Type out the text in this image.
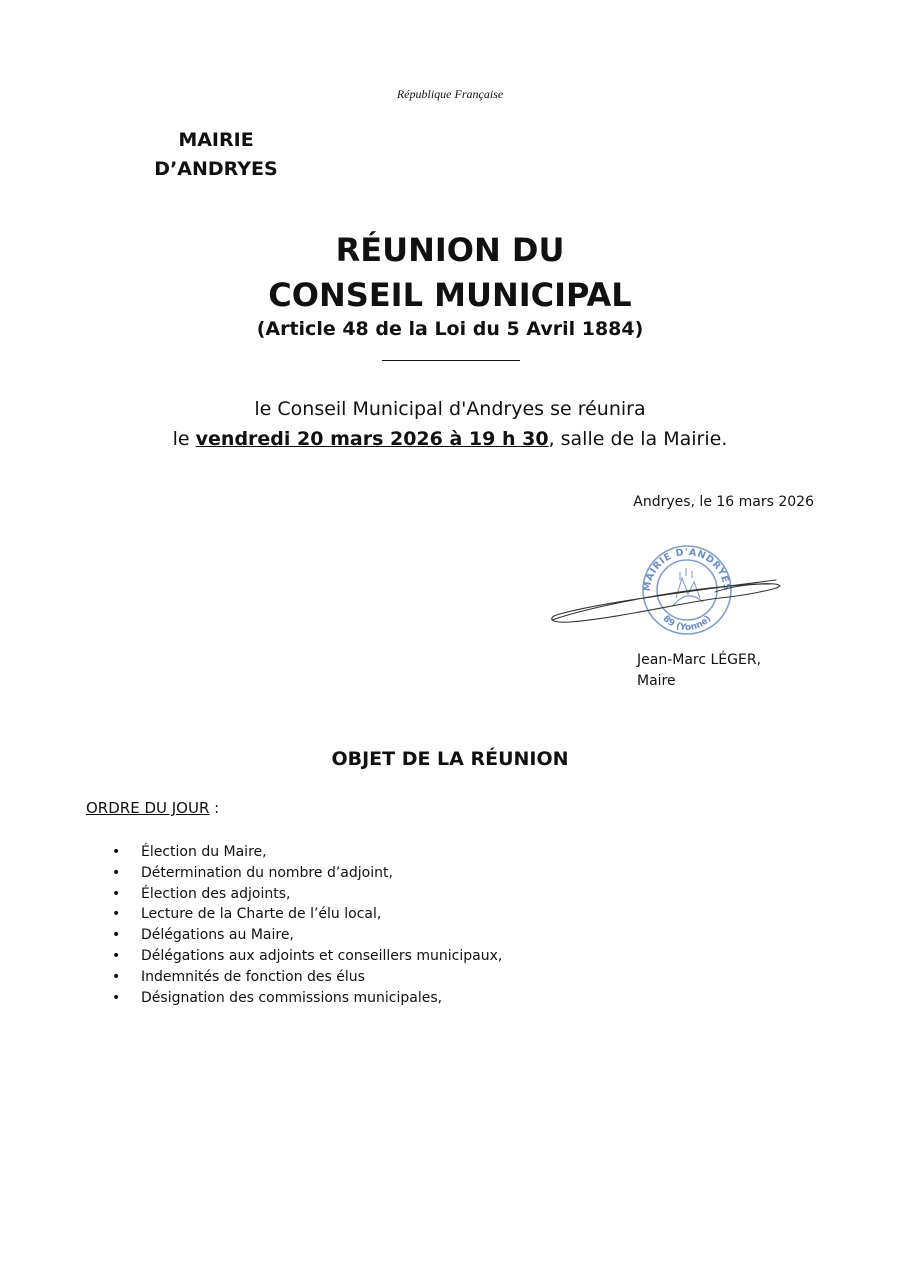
République Française
MAIRIE
D’ANDRYES
RÉUNION DU
CONSEIL MUNICIPAL
(Article 48 de la Loi du 5 Avril 1884)
le Conseil Municipal d'Andryes se réunira
le vendredi 20 mars 2026 à 19 h 30, salle de la Mairie.
Andryes, le 16 mars 2026
MAIRIE D'ANDRYES
89 (Yonne)
Jean-Marc LÉGER,
Maire
OBJET DE LA RÉUNION
ORDRE DU JOUR :
• Élection du Maire,
• Détermination du nombre d’adjoint,
• Élection des adjoints,
• Lecture de la Charte de l’élu local,
• Délégations au Maire,
• Délégations aux adjoints et conseillers municipaux,
• Indemnités de fonction des élus
• Désignation des commissions municipales,
